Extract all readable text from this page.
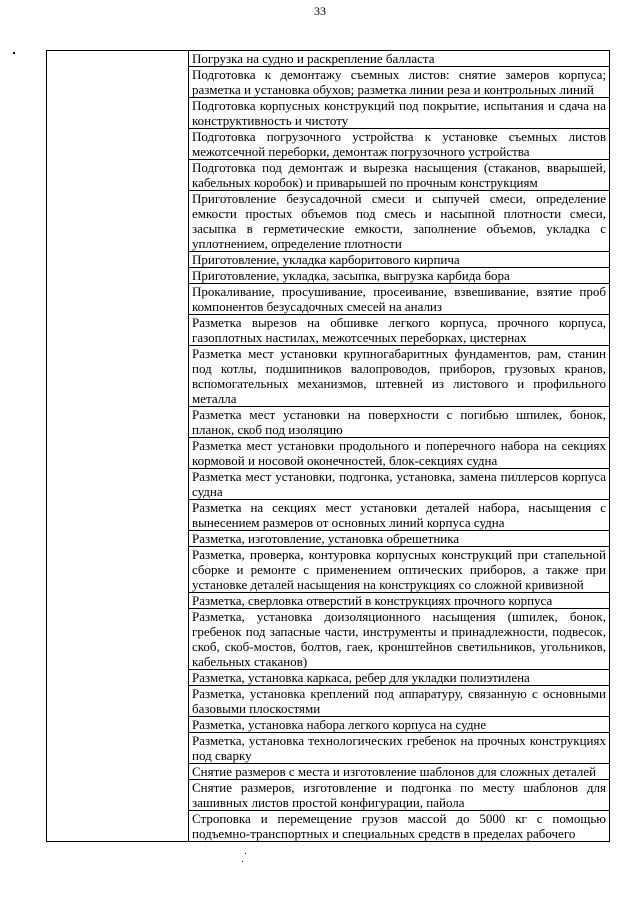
33

Погрузка на судно и раскрепление балласта

Подготовка к демонтажу съемных листов: снятие замеров корпуса; разметка и установка обухов; разметка линии реза и контрольных линий

Подготовка корпусных конструкций под покрытие, испытания и сдача на конструктивность и чистоту

Подготовка погрузочного устройства к установке съемных листов межотсечной переборки, демонтаж погрузочного устройства

Подготовка под демонтаж и вырезка насыщения (стаканов, вварышей, кабельных коробок) и приварышей по прочным конструкциям

Приготовление безусадочной смеси и сыпучей смеси, определение емкости простых объемов под смесь и насыпной плотности смеси, засыпка в герметические емкости, заполнение объемов, укладка с уплотнением, определение плотности

Приготовление, укладка карборитового кирпича

Приготовление, укладка, засыпка, выгрузка карбида бора

Прокаливание, просушивание, просеивание, взвешивание, взятие проб компонентов безусадочных смесей на анализ

Разметка вырезов на обшивке легкого корпуса, прочного корпуса, газоплотных настилах, межотсечных переборках, цистернах

Разметка мест установки крупногабаритных фундаментов, рам, станин под котлы, подшипников валопроводов, приборов, грузовых кранов, вспомогательных механизмов, штевней из листового и профильного металла

Разметка мест установки на поверхности с погибью шпилек, бонок, планок, скоб под изоляцию

Разметка мест установки продольного и поперечного набора на секциях кормовой и носовой оконечностей, блок-секциях судна

Разметка мест установки, подгонка, установка, замена пиллерсов корпуса судна

Разметка на секциях мест установки деталей набора, насыщения с вынесением размеров от основных линий корпуса судна

Разметка, изготовление, установка обрешетника

Разметка, проверка, контуровка корпусных конструкций при стапельной сборке и ремонте с применением оптических приборов, а также при установке деталей насыщения на конструкциях со сложной кривизной

Разметка, сверловка отверстий в конструкциях прочного корпуса

Разметка, установка доизоляционного насыщения (шпилек, бонок, гребенок под запасные части, инструменты и принадлежности, подвесок, скоб, скоб-мостов, болтов, гаек, кронштейнов светильников, угольников, кабельных стаканов)

Разметка, установка каркаса, ребер для укладки полиэтилена

Разметка, установка креплений под аппаратуру, связанную с основными базовыми плоскостями

Разметка, установка набора легкого корпуса на судне

Разметка, установка технологических гребенок на прочных конструкциях под сварку

Снятие размеров с места и изготовление шаблонов для сложных деталей

Снятие размеров, изготовление и подгонка по месту шаблонов для зашивных листов простой конфигурации, пайола

Строповка и перемещение грузов массой до 5000 кг с помощью подъемно-транспортных и специальных средств в пределах рабочего
